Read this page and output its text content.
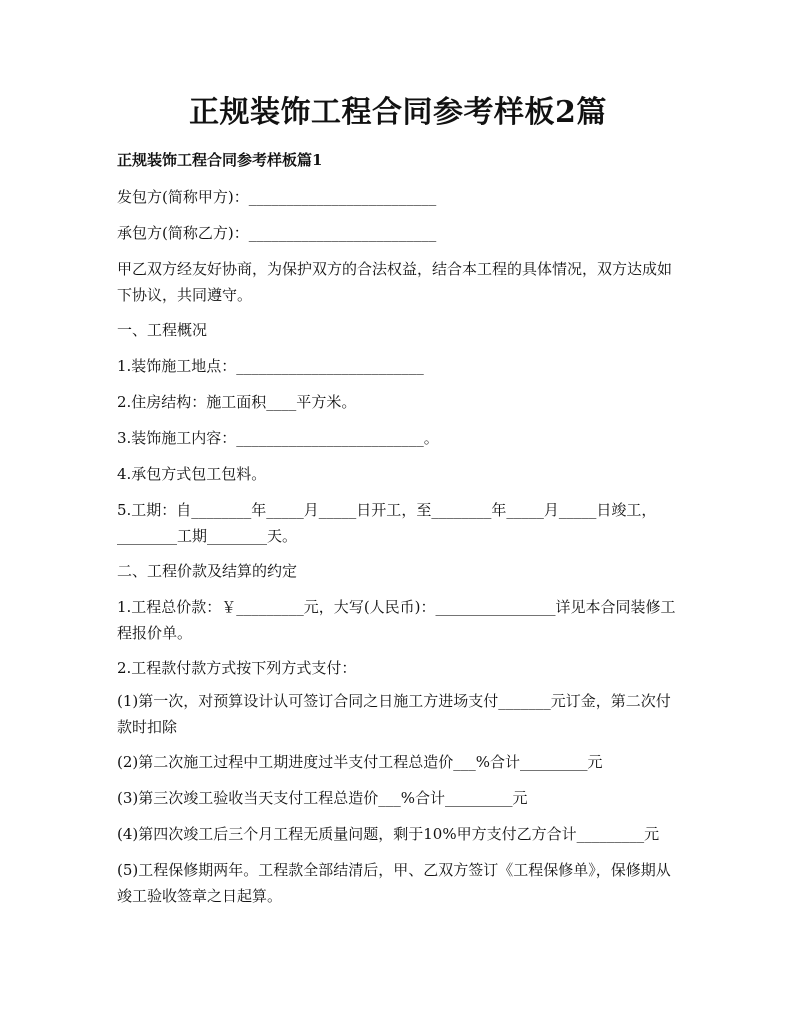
正规装饰工程合同参考样板2篇
正规装饰工程合同参考样板篇1

发包方(简称甲方)：_________________________

承包方(简称乙方)：_________________________

甲乙双方经友好协商，为保护双方的合法权益，结合本工程的具体情况，双方达成如下协议，共同遵守。

一、工程概况

1.装饰施工地点：_________________________

2.住房结构：施工面积____平方米。

3.装饰施工内容：_________________________。

4.承包方式包工包料。

5.工期：自________年_____月_____日开工，至________年_____月_____日竣工，________工期________天。

二、工程价款及结算的约定

1.工程总价款：￥_________元，大写(人民币)：________________详见本合同装修工程报价单。

2.工程款付款方式按下列方式支付：

(1)第一次，对预算设计认可签订合同之日施工方进场支付_______元订金，第二次付款时扣除

(2)第二次施工过程中工期进度过半支付工程总造价___%合计_________元

(3)第三次竣工验收当天支付工程总造价___%合计_________元

(4)第四次竣工后三个月工程无质量问题，剩于10%甲方支付乙方合计_________元

(5)工程保修期两年。工程款全部结清后，甲、乙双方签订《工程保修单》，保修期从竣工验收签章之日起算。
